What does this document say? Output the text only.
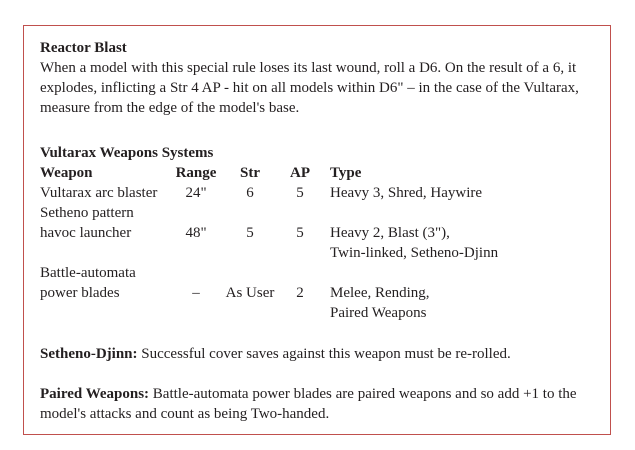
Reactor Blast
When a model with this special rule loses its last wound, roll a D6. On the result of a 6, it explodes, inflicting a Str 4 AP - hit on all models within D6" – in the case of the Vultarax, measure from the edge of the model's base.
Vultarax Weapons Systems
Weapon	Range	Str	AP	Type
Vultarax arc blaster	24"	6	5	Heavy 3, Shred, Haywire
Setheno pattern
havoc launcher	48"	5	5	Heavy 2, Blast (3"),
Twin-linked, Setheno-Djinn
Battle-automata
power blades	–	As User	2	Melee, Rending,
Paired Weapons
Setheno-Djinn: Successful cover saves against this weapon must be re-rolled.
Paired Weapons: Battle-automata power blades are paired weapons and so add +1 to the model's attacks and count as being Two-handed.
